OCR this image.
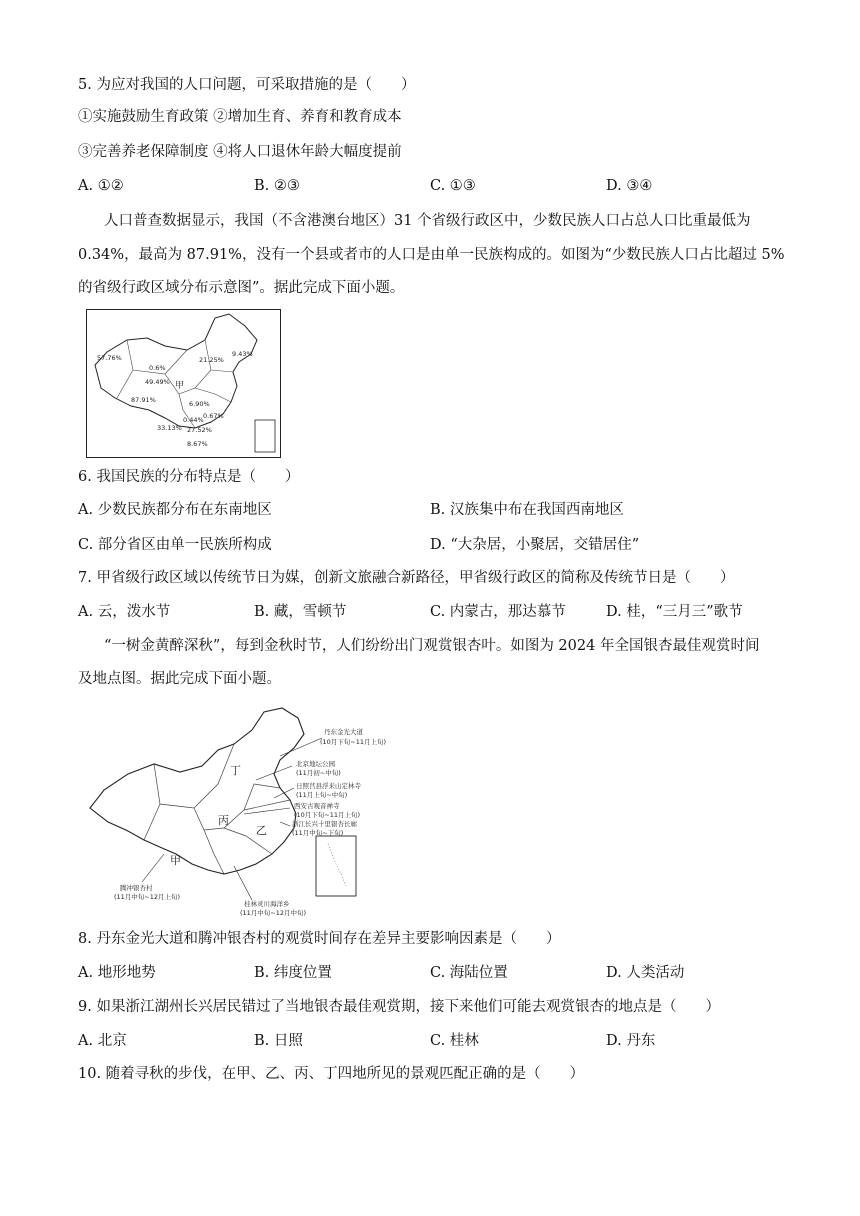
5. 为应对我国的人口问题，可采取措施的是（　　）
①实施鼓励生育政策 ②增加生育、养育和教育成本
③完善养老保障制度 ④将人口退休年龄大幅度提前
A. ①②	B. ②③	C. ①③	D. ③④
人口普查数据显示，我国（不含港澳台地区）31 个省级行政区中，少数民族人口占总人口比重最低为
0.34%，最高为 87.91%，没有一个县或者市的人口是由单一民族构成的。如图为“少数民族人口占比超过 5%
的省级行政区域分布示意图”。据此完成下面小题。
57.76%
0.6%
21.25%
9.43%
49.49%
87.91%	6.90%
甲
0.67%
33.13%
0.44%
27.52%
8.67%
6. 我国民族的分布特点是（　　）
A. 少数民族都分布在东南地区	B. 汉族集中布在我国西南地区
C. 部分省区由单一民族所构成	D. “大杂居，小聚居，交错居住”
7. 甲省级行政区域以传统节日为媒，创新文旅融合新路径，甲省级行政区的简称及传统节日是（　　）
A. 云，泼水节	B. 藏，雪顿节	C. 内蒙古，那达慕节	D. 桂，“三月三”歌节
“一树金黄醉深秋”，每到金秋时节，人们纷纷出门观赏银杏叶。如图为 2024 年全国银杏最佳观赏时间
及地点图。据此完成下面小题。
丹东金光大道
(10月下旬~11月上旬)
北京地坛公园
(11月初~中旬)
日照莒县浮来山定林寺
(11月上旬~中旬)
西安古观音禅寺
(10月下旬~11月上旬)
浙江长兴十里银杏长廊
(11月中旬~下旬)
腾冲银杏村
(11月中旬~12月上旬)
桂林灵川海洋乡
(11月中旬~12月中旬)
甲
乙
丙
丁
8. 丹东金光大道和腾冲银杏村的观赏时间存在差异主要影响因素是（　　）
A. 地形地势	B. 纬度位置	C. 海陆位置	D. 人类活动
9. 如果浙江湖州长兴居民错过了当地银杏最佳观赏期，接下来他们可能去观赏银杏的地点是（　　）
A. 北京	B. 日照	C. 桂林	D. 丹东
10. 随着寻秋的步伐，在甲、乙、丙、丁四地所见的景观匹配正确的是（　　）
